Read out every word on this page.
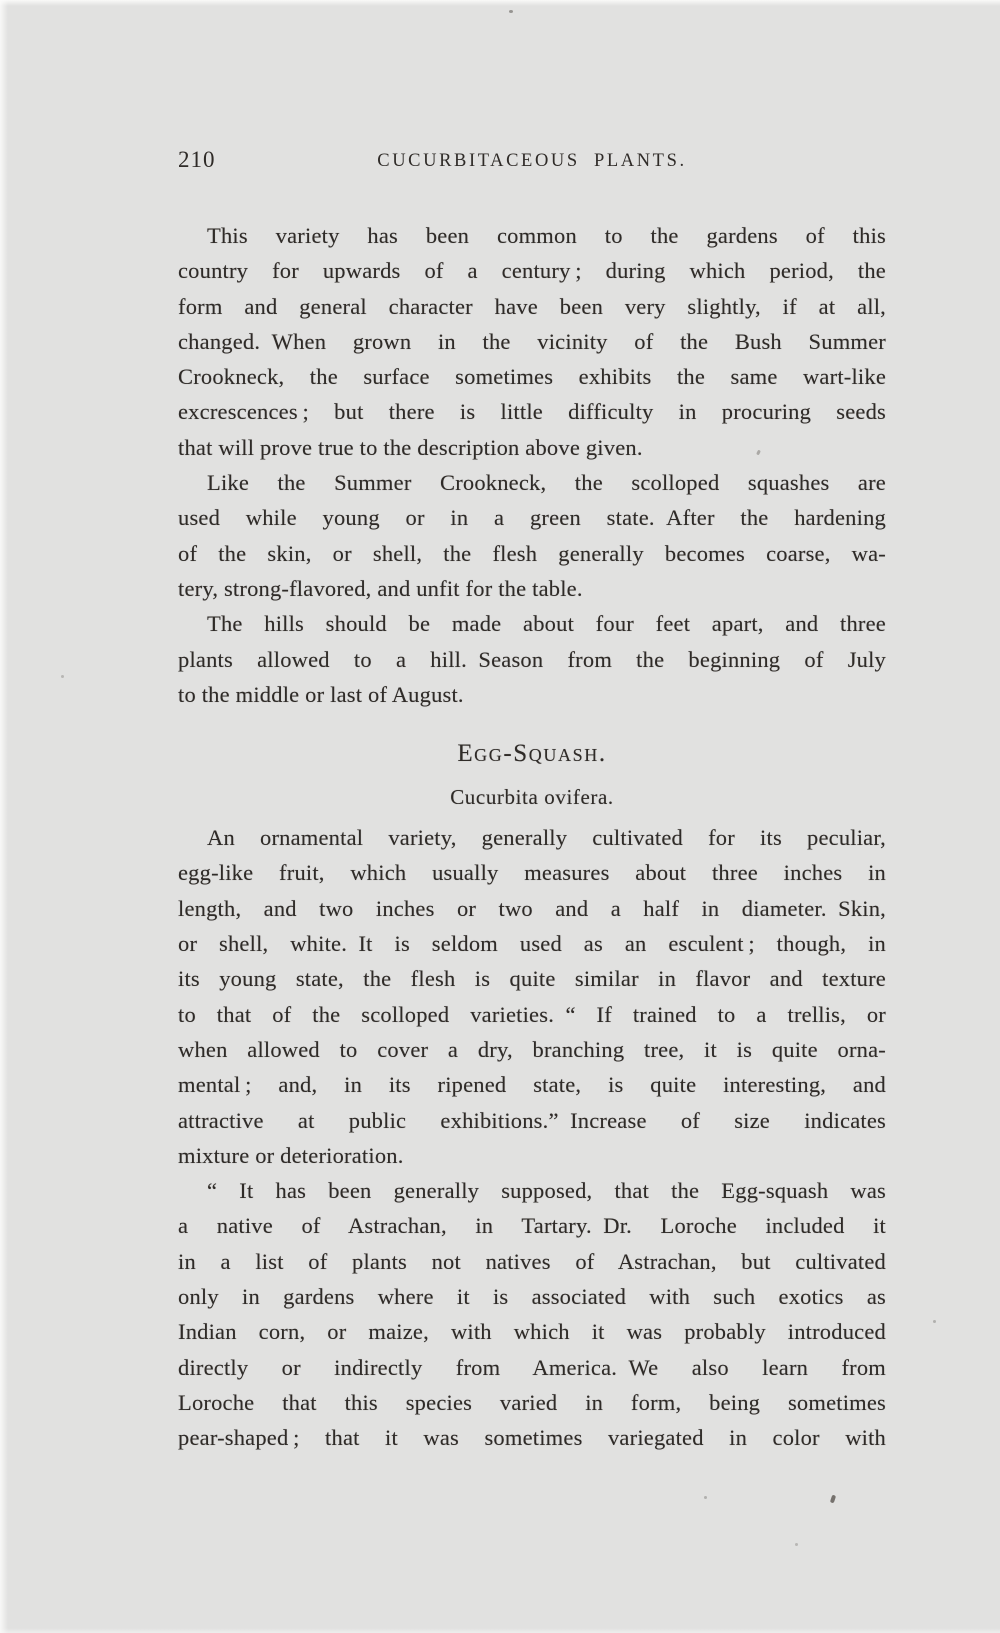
210	CUCURBITACEOUS PLANTS.
This variety has been common to the gardens of this
country for upwards of a century ; during which period, the
form and general character have been very slightly, if at all,
changed. When grown in the vicinity of the Bush Summer
Crookneck, the surface sometimes exhibits the same wart-like
excrescences ; but there is little difficulty in procuring seeds
that will prove true to the description above given.
Like the Summer Crookneck, the scolloped squashes are
used while young or in a green state. After the hardening
of the skin, or shell, the flesh generally becomes coarse, wa-
tery, strong-flavored, and unfit for the table.
The hills should be made about four feet apart, and three
plants allowed to a hill. Season from the beginning of July
to the middle or last of August.
Egg-Squash.
Cucurbita ovifera.
An ornamental variety, generally cultivated for its peculiar,
egg-like fruit, which usually measures about three inches in
length, and two inches or two and a half in diameter. Skin,
or shell, white. It is seldom used as an esculent ; though, in
its young state, the flesh is quite similar in flavor and texture
to that of the scolloped varieties. “ If trained to a trellis, or
when allowed to cover a dry, branching tree, it is quite orna-
mental ; and, in its ripened state, is quite interesting, and
attractive at public exhibitions.” Increase of size indicates
mixture or deterioration.
“ It has been generally supposed, that the Egg-squash was
a native of Astrachan, in Tartary. Dr. Loroche included it
in a list of plants not natives of Astrachan, but cultivated
only in gardens where it is associated with such exotics as
Indian corn, or maize, with which it was probably introduced
directly or indirectly from America. We also learn from
Loroche that this species varied in form, being sometimes
pear-shaped ; that it was sometimes variegated in color with
